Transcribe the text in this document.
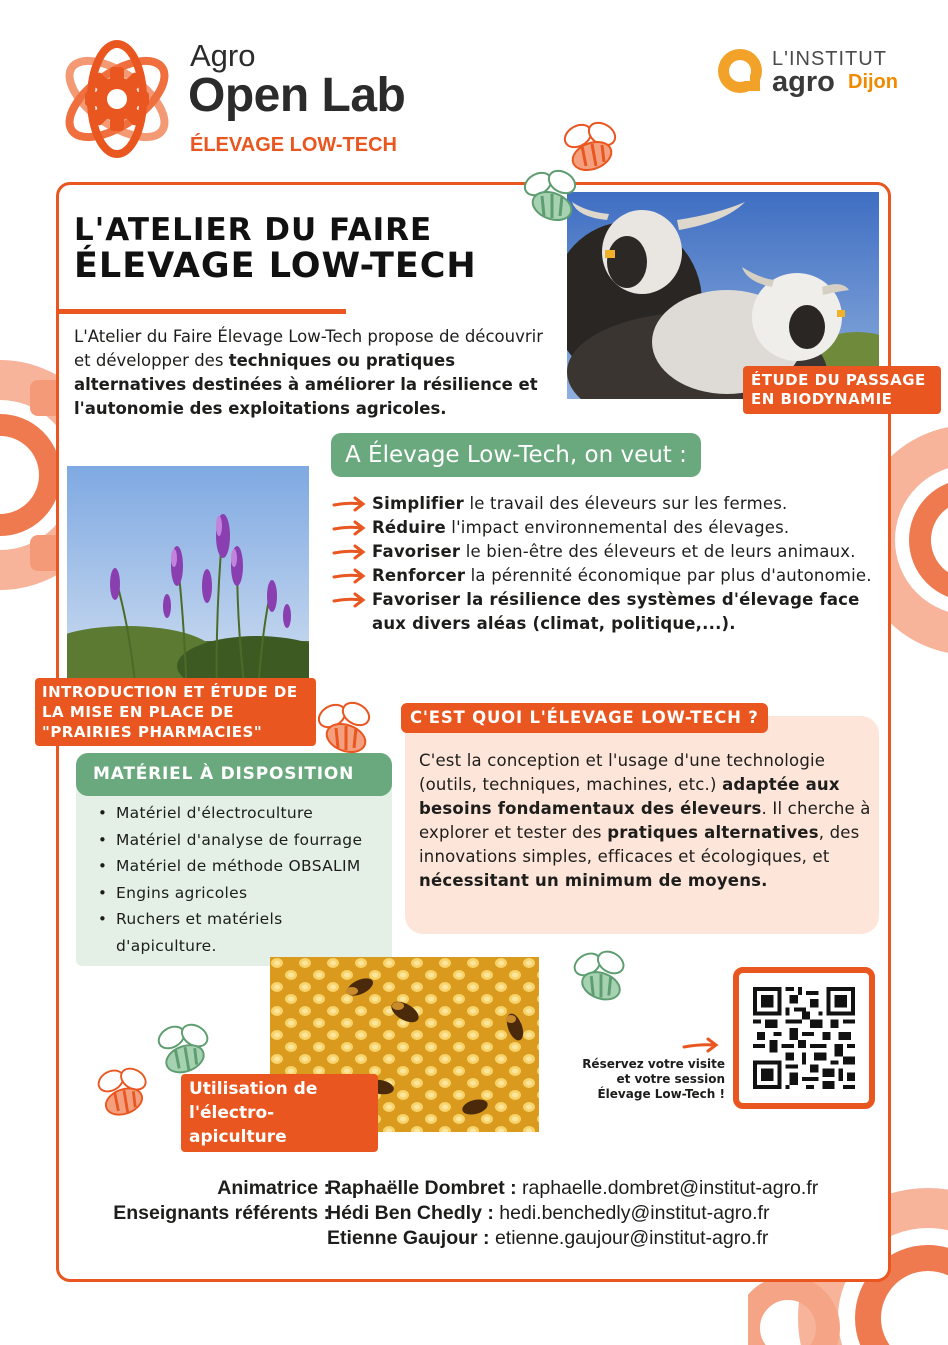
Agro
Open Lab
ÉLEVAGE LOW-TECH
L'INSTITUT
agro Dijon
L'ATELIER DU FAIRE
ÉLEVAGE LOW-TECH

L'Atelier du Faire Élevage Low-Tech propose de découvrir et développer des techniques ou pratiques alternatives destinées à améliorer la résilience et l'autonomie des exploitations agricoles.

ÉTUDE DU PASSAGE EN BIODYNAMIE
INTRODUCTION ET ÉTUDE DE LA MISE EN PLACE DE "PRAIRIES PHARMACIES"
A Élevage Low-Tech, on veut :
Simplifier le travail des éleveurs sur les fermes.
Réduire l'impact environnemental des élevages.
Favoriser le bien-être des éleveurs et de leurs animaux.
Renforcer la pérennité économique par plus d'autonomie.
Favoriser la résilience des systèmes d'élevage face aux divers aléas (climat, politique,...).
MATÉRIEL À DISPOSITION
• Matériel d'électroculture
• Matériel d'analyse de fourrage
• Matériel de méthode OBSALIM
• Engins agricoles
• Ruchers et matériels d'apiculture.
C'EST QUOI L'ÉLEVAGE LOW-TECH ?

C'est la conception et l'usage d'une technologie (outils, techniques, machines, etc.) adaptée aux besoins fondamentaux des éleveurs. Il cherche à explorer et tester des pratiques alternatives, des innovations simples, efficaces et écologiques, et nécessitant un minimum de moyens.

Utilisation de l'électro-apiculture
Réservez votre visite
et votre session
Élevage Low-Tech !
Animatrice :
Raphaëlle Dombret : raphaelle.dombret@institut-agro.fr
Enseignants référents :
Hédi Ben Chedly : hedi.benchedly@institut-agro.fr
Etienne Gaujour : etienne.gaujour@institut-agro.fr
